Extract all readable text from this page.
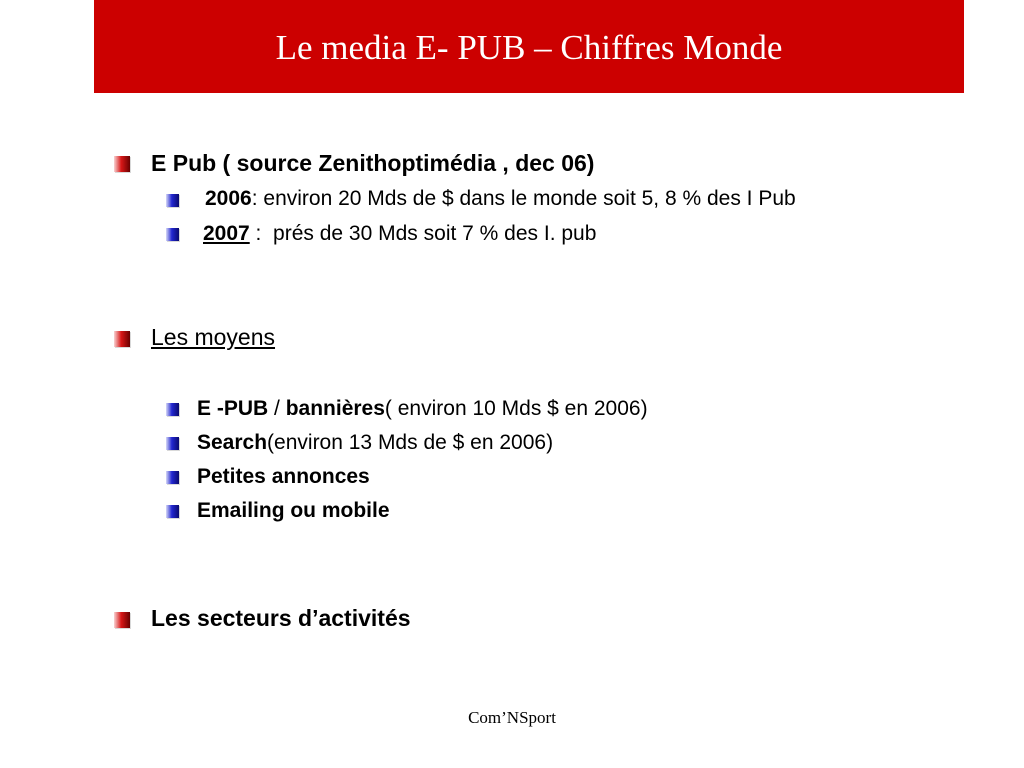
Le media E- PUB – Chiffres Monde
E Pub ( source Zenithoptimédia , dec 06)
2006 : environ 20 Mds de $ dans le monde soit 5, 8 % des I Pub
2007 :  prés de 30 Mds soit 7 % des I. pub
Les moyens
E -PUB / bannières ( environ 10 Mds $ en 2006)
Search (environ 13 Mds de $ en 2006)
Petites annonces
Emailing ou mobile
Les secteurs d’activités
Com’NSport
